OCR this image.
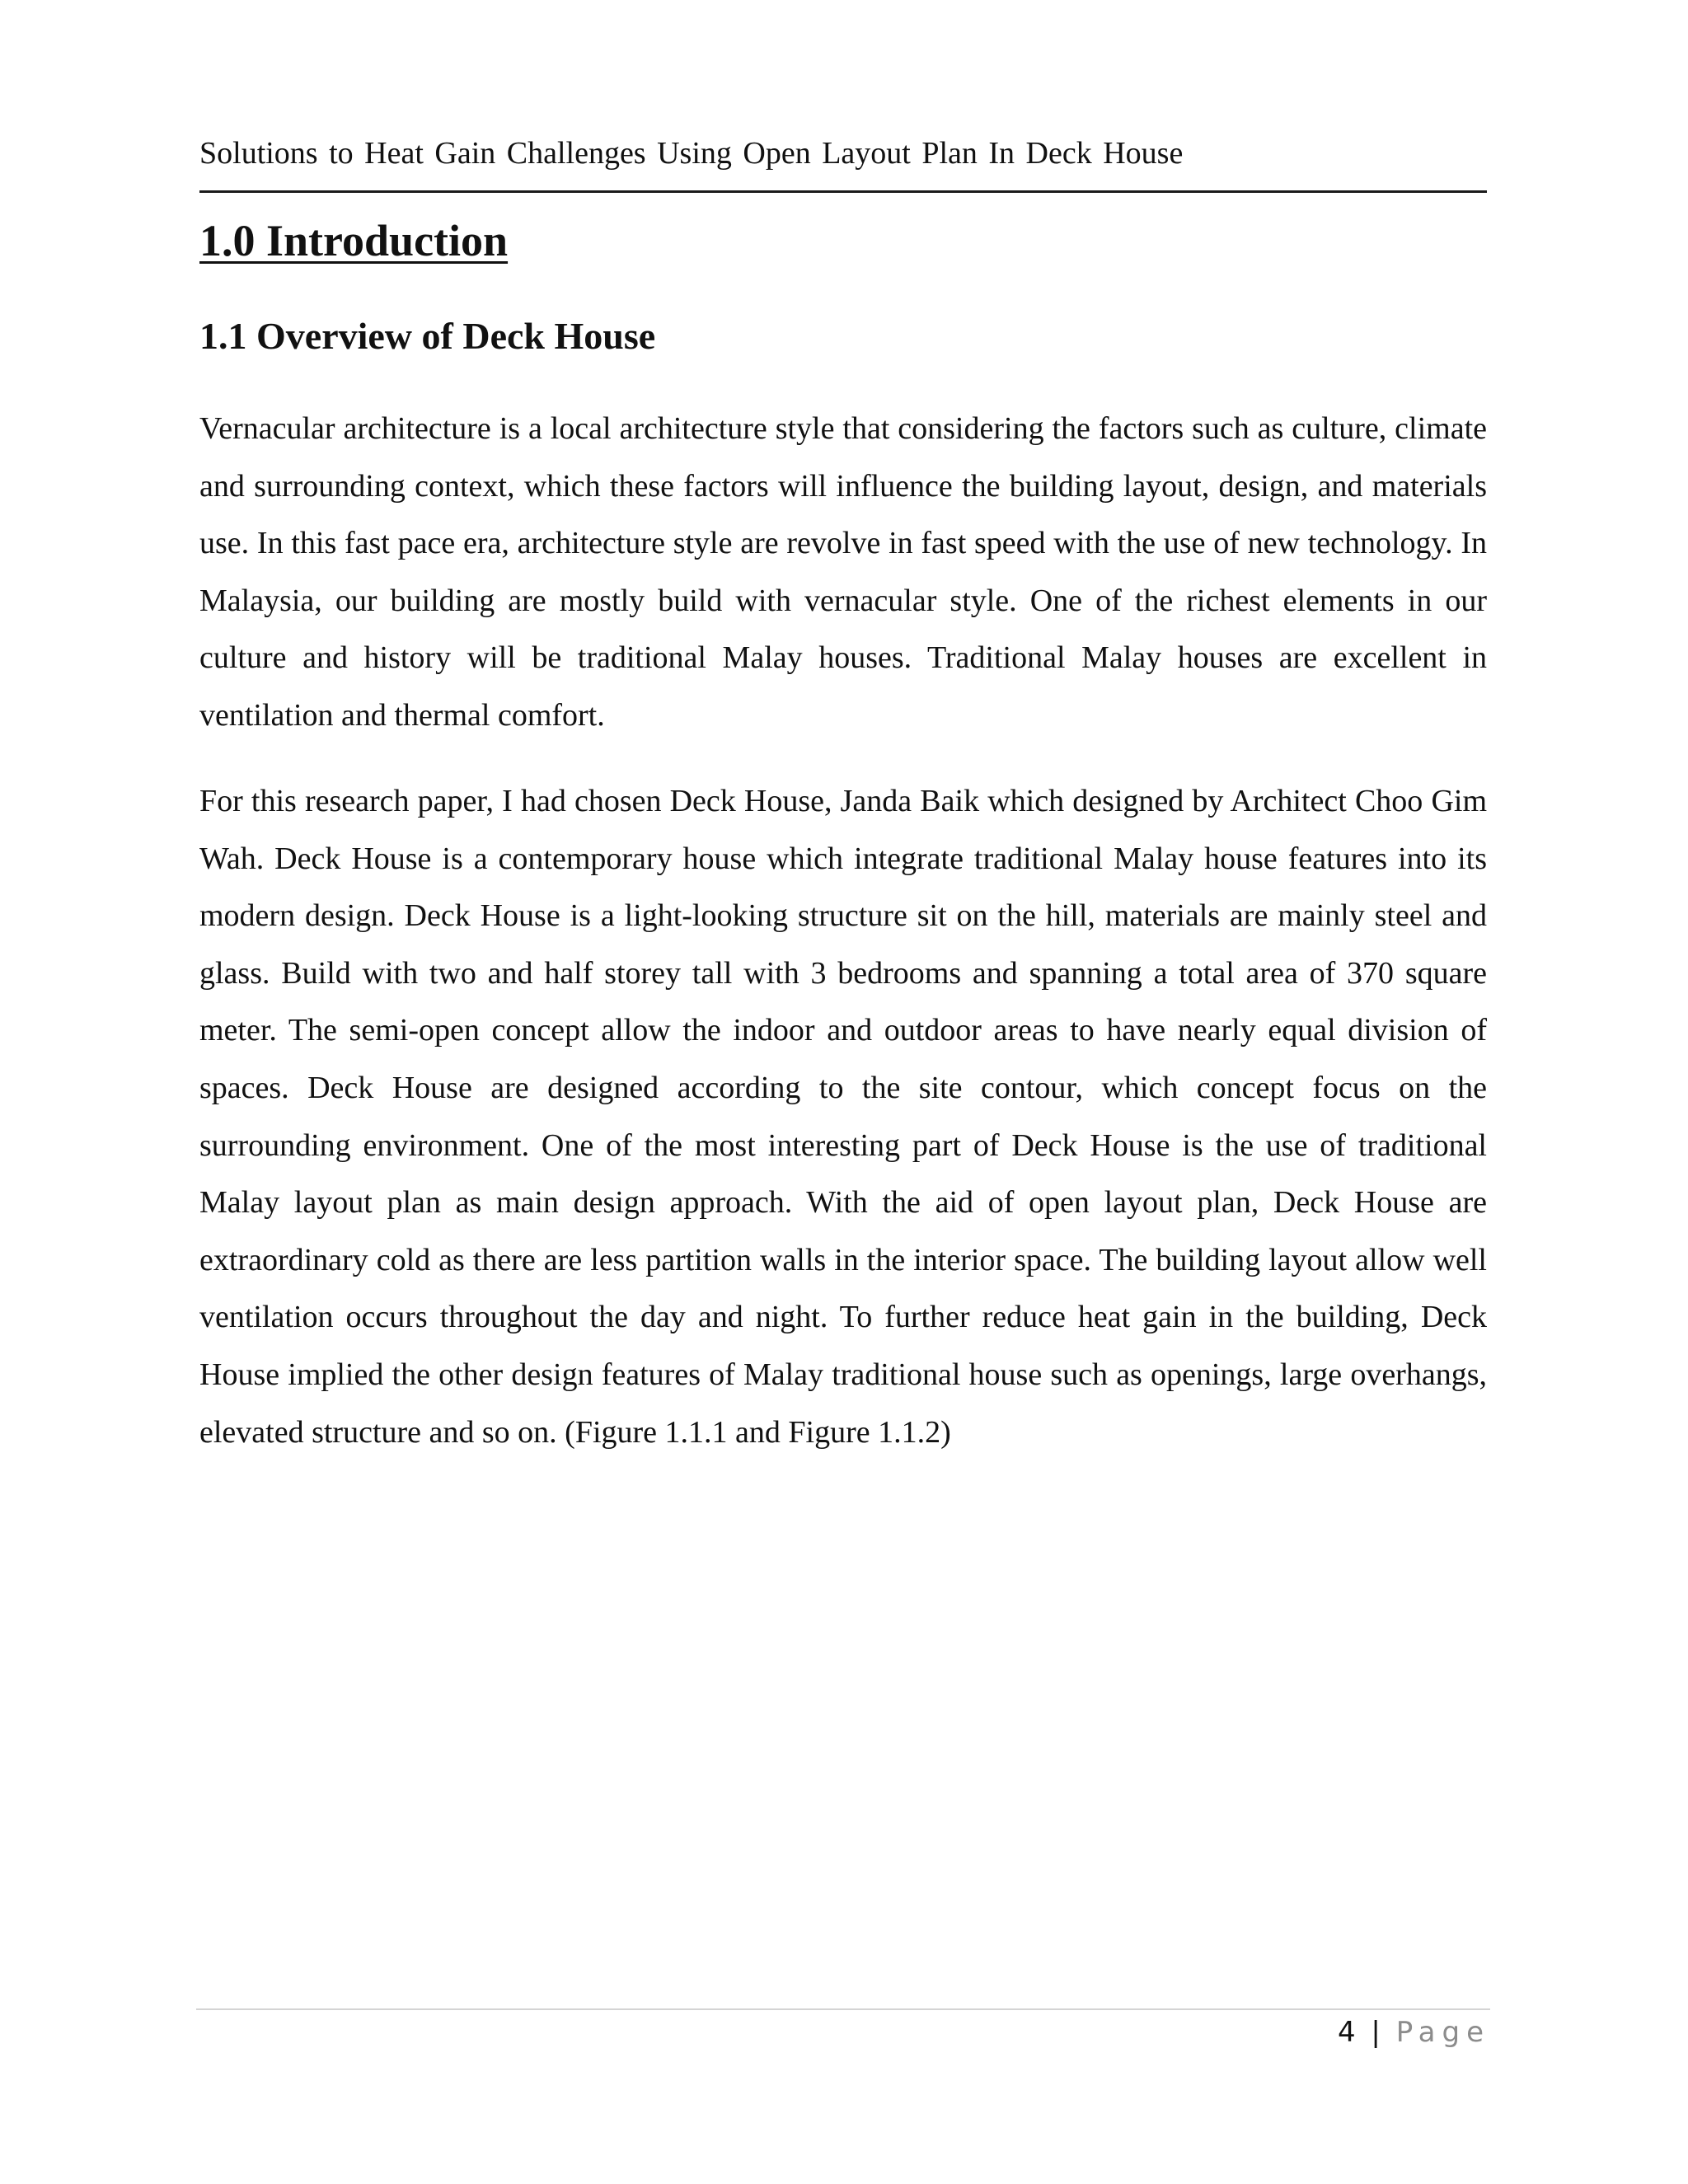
Solutions to Heat Gain Challenges Using Open Layout Plan In Deck House
1.0 Introduction
1.1 Overview of Deck House

Vernacular architecture is a local architecture style that considering the factors such as culture, climate and surrounding context, which these factors will influence the building layout, design, and materials use. In this fast pace era, architecture style are revolve in fast speed with the use of new technology. In Malaysia, our building are mostly build with vernacular style. One of the richest elements in our culture and history will be traditional Malay houses. Traditional Malay houses are excellent in ventilation and thermal comfort.

For this research paper, I had chosen Deck House, Janda Baik which designed by Architect Choo Gim Wah. Deck House is a contemporary house which integrate traditional Malay house features into its modern design. Deck House is a light-looking structure sit on the hill, materials are mainly steel and glass. Build with two and half storey tall with 3 bedrooms and spanning a total area of 370 square meter. The semi-open concept allow the indoor and outdoor areas to have nearly equal division of spaces. Deck House are designed according to the site contour, which concept focus on the surrounding environment. One of the most interesting part of Deck House is the use of traditional Malay layout plan as main design approach. With the aid of open layout plan, Deck House are extraordinary cold as there are less partition walls in the interior space. The building layout allow well ventilation occurs throughout the day and night. To further reduce heat gain in the building, Deck House implied the other design features of Malay traditional house such as openings, large overhangs, elevated structure and so on. (Figure 1.1.1 and Figure 1.1.2)

4 | Page
